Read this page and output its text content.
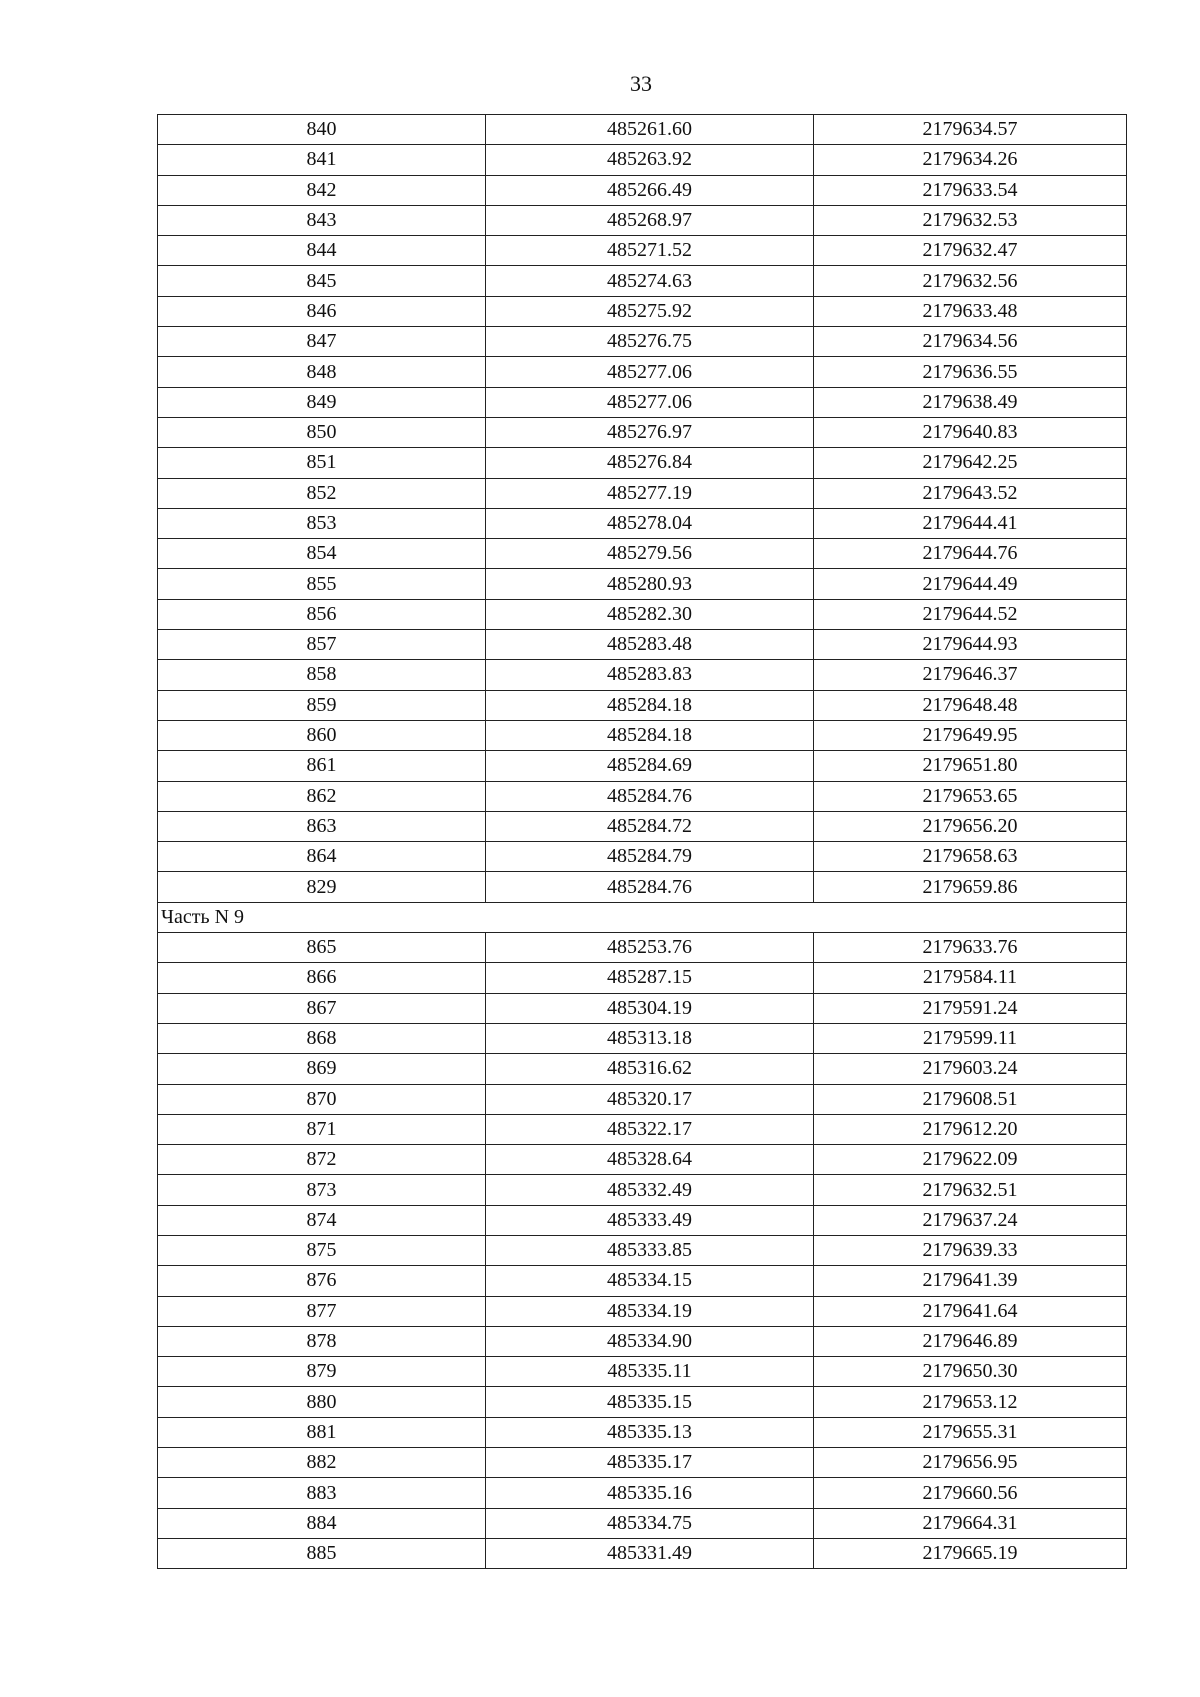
33
840	485261.60	2179634.57
841	485263.92	2179634.26
842	485266.49	2179633.54
843	485268.97	2179632.53
844	485271.52	2179632.47
845	485274.63	2179632.56
846	485275.92	2179633.48
847	485276.75	2179634.56
848	485277.06	2179636.55
849	485277.06	2179638.49
850	485276.97	2179640.83
851	485276.84	2179642.25
852	485277.19	2179643.52
853	485278.04	2179644.41
854	485279.56	2179644.76
855	485280.93	2179644.49
856	485282.30	2179644.52
857	485283.48	2179644.93
858	485283.83	2179646.37
859	485284.18	2179648.48
860	485284.18	2179649.95
861	485284.69	2179651.80
862	485284.76	2179653.65
863	485284.72	2179656.20
864	485284.79	2179658.63
829	485284.76	2179659.86
Часть N 9		
865	485253.76	2179633.76
866	485287.15	2179584.11
867	485304.19	2179591.24
868	485313.18	2179599.11
869	485316.62	2179603.24
870	485320.17	2179608.51
871	485322.17	2179612.20
872	485328.64	2179622.09
873	485332.49	2179632.51
874	485333.49	2179637.24
875	485333.85	2179639.33
876	485334.15	2179641.39
877	485334.19	2179641.64
878	485334.90	2179646.89
879	485335.11	2179650.30
880	485335.15	2179653.12
881	485335.13	2179655.31
882	485335.17	2179656.95
883	485335.16	2179660.56
884	485334.75	2179664.31
885	485331.49	2179665.19
